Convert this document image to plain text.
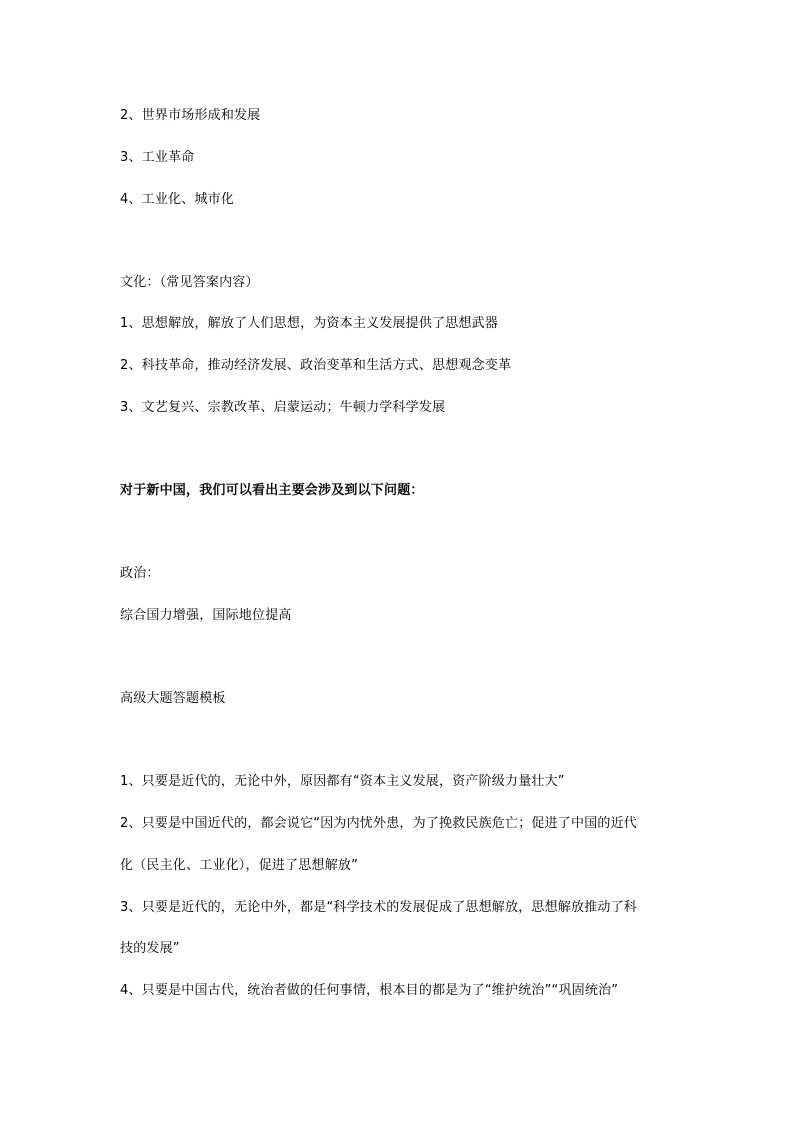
2、世界市场形成和发展
3、工业革命
4、工业化、城市化
文化：（常见答案内容）
1、思想解放，解放了人们思想，为资本主义发展提供了思想武器
2、科技革命，推动经济发展、政治变革和生活方式、思想观念变革
3、文艺复兴、宗教改革、启蒙运动；牛顿力学科学发展
对于新中国，我们可以看出主要会涉及到以下问题：
政治：
综合国力增强，国际地位提高
高级大题答题模板
1、只要是近代的，无论中外，原因都有“资本主义发展，资产阶级力量壮大”
2、只要是中国近代的，都会说它“因为内忧外患，为了挽救民族危亡；促进了中国的近代
化（民主化、工业化），促进了思想解放”
3、只要是近代的，无论中外，都是“科学技术的发展促成了思想解放，思想解放推动了科
技的发展”
4、只要是中国古代，统治者做的任何事情，根本目的都是为了“维护统治”“巩固统治”
